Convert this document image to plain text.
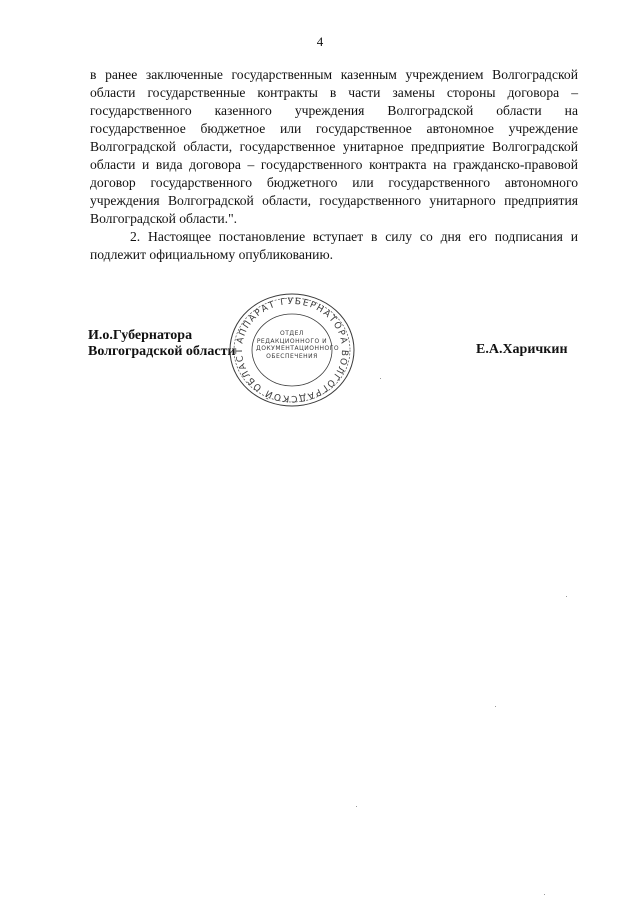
4

в ранее заключенные государственным казенным учреждением Волгоградской области государственные контракты в части замены стороны договора – государственного казенного учреждения Волгоградской области на государственное бюджетное или государственное автономное учреждение Волгоградской области, государственное унитарное предприятие Волгоградской области и вида договора – государственного контракта на гражданско-правовой договор государственного бюджетного или государственного автономного учреждения Волгоградской области, государственного унитарного предприятия Волгоградской области.".

2. Настоящее постановление вступает в силу со дня его подписания и подлежит официальному опубликованию.

И.о.Губернатора
Волгоградской области	Е.А.Харичкин
АППАРАТ ГУБЕРНАТОРА ВОЛГОГРАДСКОЙ ОБЛАСТ
ОТДЕЛ РЕДАКЦИОННОГО И ДОКУМЕНТАЦИОННОГО ОБЕСПЕЧЕНИЯ
